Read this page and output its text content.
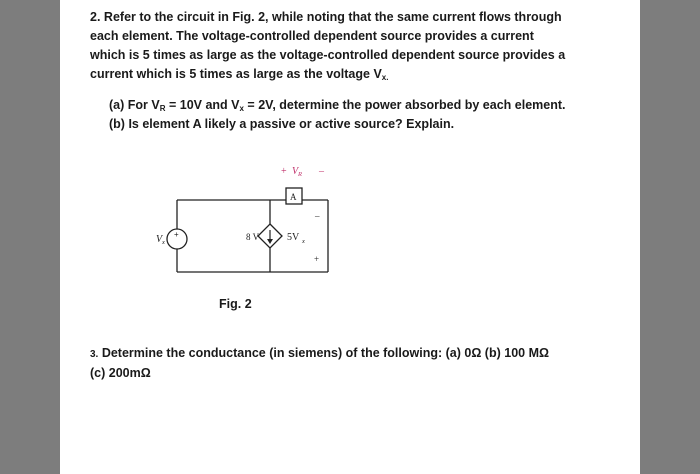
2. Refer to the circuit in Fig. 2, while noting that the same current flows through
each element. The voltage-controlled dependent source provides a current
which is 5 times as large as the voltage-controlled dependent source provides a
current which is 5 times as large as the voltage $V_{x.}$
(a) For $V_R = 10V$ and $V_x = 2V$, determine the power absorbed by each element.
(b) Is element A likely a passive or active source? Explain.
+ V R –
A
V x
+
–
8 V
+
5V x
Fig. 2
3. Determine the conductance (in siemens) of the following: (a) 0Ω (b) 100 MΩ
(c) 200mΩ
